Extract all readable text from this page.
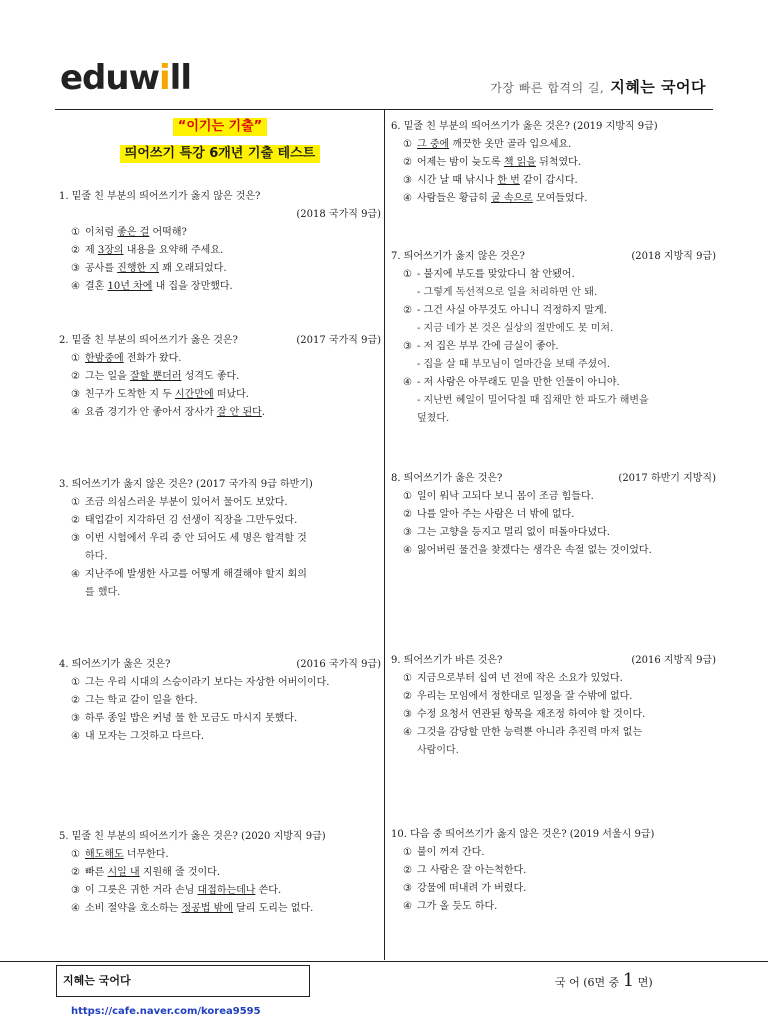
eduwill	가장 빠른 합격의 길, 지혜는 국어다
“이기는 기출”
띄어쓰기 특강 6개년 기출 테스트
1. 밑줄 친 부분의 띄어쓰기가 옳지 않은 것은?
(2018 국가직 9급)
① 이처럼 좋은 걸 어떡해?
② 제 3장의 내용을 요약해 주세요.
③ 공사를 진행한 지 꽤 오래되었다.
④ 결혼 10년 차에 내 집을 장만했다.
2. 밑줄 친 부분의 띄어쓰기가 옳은 것은?	(2017 국가직 9급)
① 한밤중에 전화가 왔다.
② 그는 일을 잘할 뿐더러 성격도 좋다.
③ 친구가 도착한 지 두 시간만에 떠났다.
④ 요즘 경기가 안 좋아서 장사가 잘 안 된다.
3. 띄어쓰기가 옳지 않은 것은? (2017 국가직 9급 하반기)
① 조금 의심스러운 부분이 있어서 물어도 보았다.
② 태업같이 지각하던 김 선생이 직장을 그만두었다.
③ 이번 시험에서 우리 중 안 되어도 세 명은 합격할 것
하다.
④ 지난주에 발생한 사고를 어떻게 해결해야 할지 회의
를 했다.
4. 띄어쓰기가 옳은 것은?	(2016 국가직 9급)
① 그는 우리 시대의 스승이라기 보다는 자상한 어버이이다.
② 그는 학교 갈이 일을 한다.
③ 하루 종일 밥은 커녕 물 한 모금도 마시지 못했다.
④ 내 모자는 그것하고 다르다.
5. 밑줄 친 부분의 띄어쓰기가 옳은 것은? (2020 지방직 9급)
① 해도해도 너무한다.
② 빠른 시일 내 지원해 줄 것이다.
③ 이 그릇은 귀한 거라 손님 대접하는데나 쓴다.
④ 소비 절약을 호소하는 정공법 밖에 달리 도리는 없다.
6. 밑줄 친 부분의 띄어쓰기가 옳은 것은? (2019 지방직 9급)
① 그 중에 깨끗한 옷만 골라 입으세요.
② 어제는 밤이 늦도록 책 읽을 뒤척였다.
③ 시간 날 때 낚시나 한 번 같이 갑시다.
④ 사람들은 황급히 굴 속으로 모여들었다.
7. 띄어쓰기가 옳지 않은 것은?	(2018 지방직 9급)
① - 불지에 부도를 맞았다니 참 안됐어.
- 그렇게 독선적으로 일을 처리하면 안 돼.
② - 그건 사실 아무것도 아니니 걱정하지 말게.
- 지금 네가 본 것은 실상의 절반에도 못 미쳐.
③ - 저 집은 부부 간에 금실이 좋아.
- 집을 살 때 부모님이 얼마간을 보태 주셨어.
④ - 저 사람은 아무래도 믿을 만한 인물이 아니야.
- 지난번 혜일이 밀어닥칠 때 집채만 한 파도가 해변을
덮쳤다.
8. 띄어쓰기가 옳은 것은?	(2017 하반기 지방직)
① 일이 워낙 고되다 보니 몸이 조금 힘들다.
② 나를 알아 주는 사람은 너 밖에 없다.
③ 그는 고향을 등지고 멀리 없이 떠돌아다녔다.
④ 잃어버린 물건을 찾겠다는 생각은 속절 없는 것이었다.
9. 띄어쓰기가 바른 것은?	(2016 지방직 9급)
① 지금으로부터 십여 년 전에 작은 소요가 있었다.
② 우리는 모임에서 정한대로 일정을 잘 수밖에 없다.
③ 수정 요청서 연관된 항목을 재조정 하여야 할 것이다.
④ 그것을 감당할 만한 능력뿐 아니라 추진력 마저 없는
사람이다.
10. 다음 중 띄어쓰기가 옳지 않은 것은? (2019 서울시 9급)
① 불이 꺼져 간다.
② 그 사람은 잘 아는척한다.
③ 강물에 떠내려 가 버렸다.
④ 그가 올 듯도 하다.
지혜는 국어다 https://cafe.naver.com/korea9595
국 어 (6면 중 1 면)
